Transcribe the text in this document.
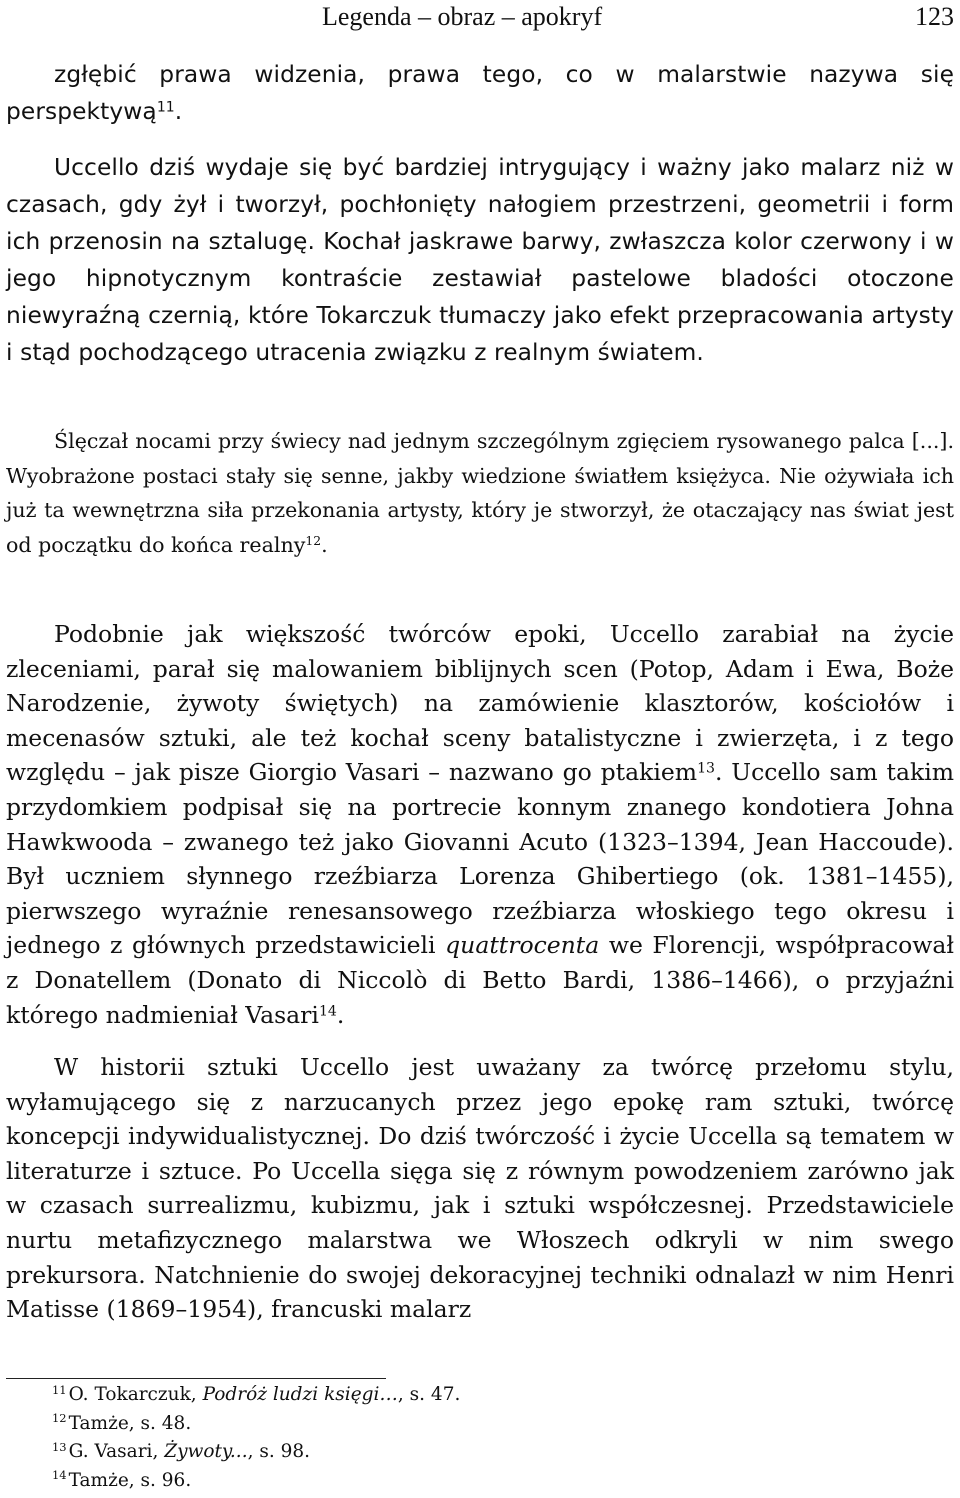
Legenda – obraz – apokryf	123

zgłębić prawa widzenia, prawa tego, co w malarstwie nazywa się perspektywą$^{11}$.

Uccello dziś wydaje się być bardziej intrygujący i ważny jako malarz niż w czasach, gdy żył i tworzył, pochłonięty nałogiem przestrzeni, geometrii i form ich przenosin na sztalugę. Kochał jaskrawe barwy, zwłaszcza kolor czerwony i w jego hipnotycznym kontraście zestawiał pastelowe bladości otoczone niewyraźną czernią, które Tokarczuk tłumaczy jako efekt przepracowania artysty i stąd pochodzącego utracenia związku z realnym światem.

Ślęczał nocami przy świecy nad jednym szczególnym zgięciem rysowanego palca [...]. Wyobrażone postaci stały się senne, jakby wiedzione światłem księżyca. Nie ożywiała ich już ta wewnętrzna siła przekonania artysty, który je stworzył, że otaczający nas świat jest od początku do końca realny$^{12}$.

Podobnie jak większość twórców epoki, Uccello zarabiał na życie zleceniami, parał się malowaniem biblijnych scen (Potop, Adam i Ewa, Boże Narodzenie, żywoty świętych) na zamówienie klasztorów, kościołów i mecenasów sztuki, ale też kochał sceny batalistyczne i zwierzęta, i z tego względu – jak pisze Giorgio Vasari – nazwano go ptakiem$^{13}$. Uccello sam takim przydomkiem podpisał się na portrecie konnym znanego kondotiera Johna Hawkwooda – zwanego też jako Giovanni Acuto (1323–1394, Jean Haccoude). Był uczniem słynnego rzeźbiarza Lorenza Ghibertiego (ok. 1381–1455), pierwszego wyraźnie renesansowego rzeźbiarza włoskiego tego okresu i jednego z głównych przedstawicieli quattrocenta we Florencji, współpracował z Donatellem (Donato di Niccolò di Betto Bardi, 1386–1466), o przyjaźni którego nadmieniał Vasari$^{14}$.

W historii sztuki Uccello jest uważany za twórcę przełomu stylu, wyłamującego się z narzucanych przez jego epokę ram sztuki, twórcę koncepcji indywidualistycznej. Do dziś twórczość i życie Uccella są tematem w literaturze i sztuce. Po Uccella sięga się z równym powodzeniem zarówno jak w czasach surrealizmu, kubizmu, jak i sztuki współczesnej. Przedstawiciele nurtu metafizycznego malarstwa we Włoszech odkryli w nim swego prekursora. Natchnienie do swojej dekoracyjnej techniki odnalazł w nim Henri Matisse (1869–1954), francuski malarz

$^{11}$ O. Tokarczuk, Podróż ludzi księgi…, s. 47.
$^{12}$ Tamże, s. 48.
$^{13}$ G. Vasari, Żywoty..., s. 98.
$^{14}$ Tamże, s. 96.
